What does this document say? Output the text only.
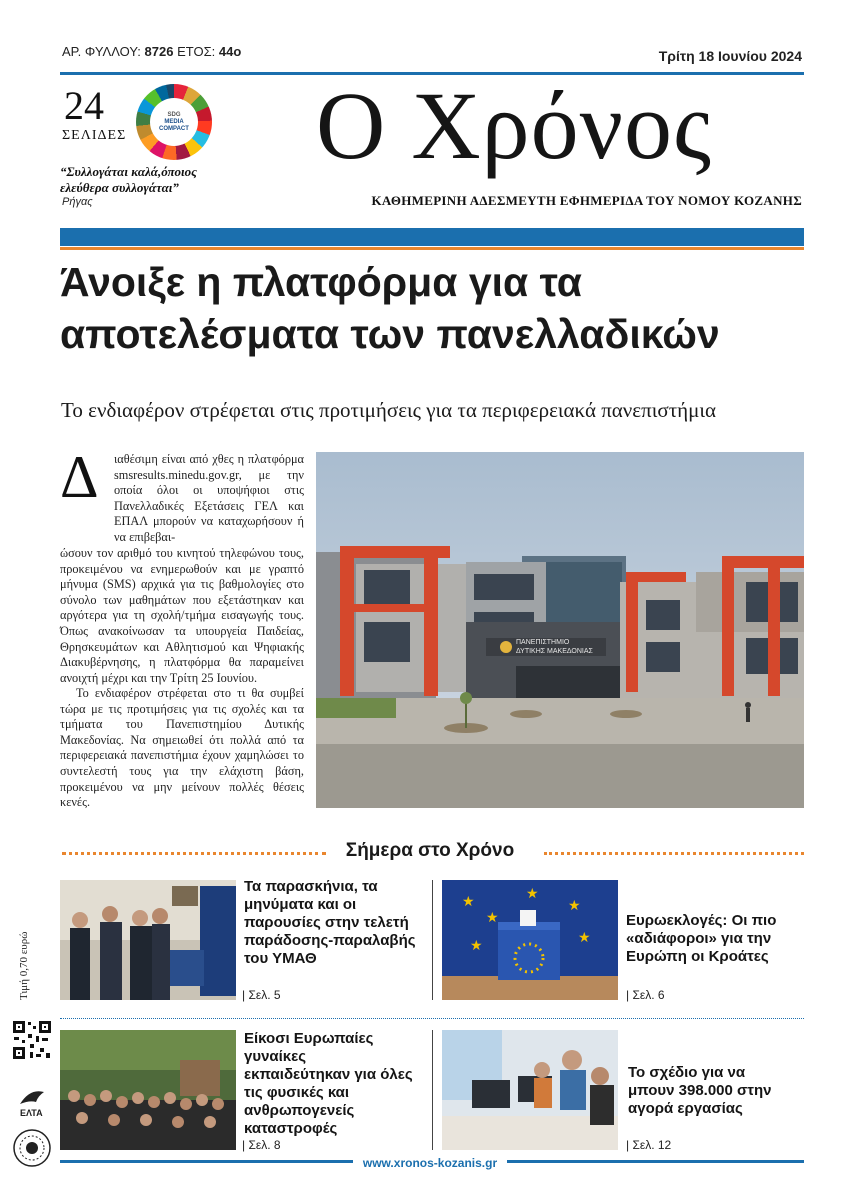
ΑΡ. ΦΥΛΛΟΥ: 8726 ΕΤΟΣ: 44ο	Τρίτη 18 Ιουνίου 2024
24
ΣΕΛΙΔΕΣ
SDG
MEDIA
COMPACT
“Συλλογάται καλά,όποιος
ελεύθερα συλλογάται”
Ρήγας
Ο Χρόνος
ΚΑΘΗΜΕΡΙΝΗ ΑΔΕΣΜΕΥΤΗ ΕΦΗΜΕΡΙΔΑ ΤΟΥ ΝΟΜΟΥ ΚΟΖΑΝΗΣ
Άνοιξε η πλατφόρμα για τα
αποτελέσματα των πανελλαδικών
Το ενδιαφέρον στρέφεται στις προτιμήσεις για τα περιφερειακά πανεπιστήμια
Δ ιαθέσιμη είναι από χθες η πλατφόρμα smsresults.minedu.gov.gr, με την οποία όλοι οι υποψήφιοι στις Πανελλαδικές Εξετάσεις ΓΕΛ και ΕΠΑΛ μπορούν να καταχωρήσουν ή να επιβεβαι-
ώσουν τον αριθμό του κινητού τηλεφώνου τους, προκειμένου να ενημερωθούν και με γραπτό μήνυμα (SMS) αρχικά για τις βαθμολογίες στο σύνολο των μαθημάτων που εξετάστηκαν και αργότερα για τη σχολή/τμήμα εισαγωγής τους. Όπως ανακοίνωσαν τα υπουργεία Παιδείας, Θρησκευμάτων και Αθλητισμού και Ψηφιακής Διακυβέρνησης, η πλατφόρμα θα παραμείνει ανοιχτή μέχρι και την Τρίτη 25 Ιουνίου.
Το ενδιαφέρον στρέφεται στο τι θα συμβεί τώρα με τις προτιμήσεις για τις σχολές και τα τμήματα του Πανεπιστημίου Δυτικής Μακεδονίας. Να σημειωθεί ότι πολλά από τα περιφερειακά πανεπιστήμια έχουν χαμηλώσει το συντελεστή τους για την ελάχιστη βάση, προκειμένου να μην μείνουν πολλές θέσεις κενές.
ΠΑΝΕΠΙΣΤΗΜΙΟ
ΔΥΤΙΚΗΣ ΜΑΚΕΔΟΝΙΑΣ
Σήμερα στο Χρόνο
Τα παρασκήνια, τα μηνύματα και οι παρουσίες στην τελετή παράδοσης-παραλαβής του ΥΜΑΘ
| Σελ. 5
★
★
★
★
★
★
Ευρωεκλογές: Οι πιο «αδιάφοροι» για την Ευρώπη οι Κροάτες
| Σελ. 6
Είκοσι Ευρωπαίες γυναίκες εκπαιδεύτηκαν για όλες τις φυσικές και ανθρωπογενείς καταστροφές
| Σελ. 8
Το σχέδιο για να μπουν 398.000 στην αγορά εργασίας
| Σελ. 12
Τιμή 0,70 ευρώ
ΕΛΤΑ
www.xronos-kozanis.gr
